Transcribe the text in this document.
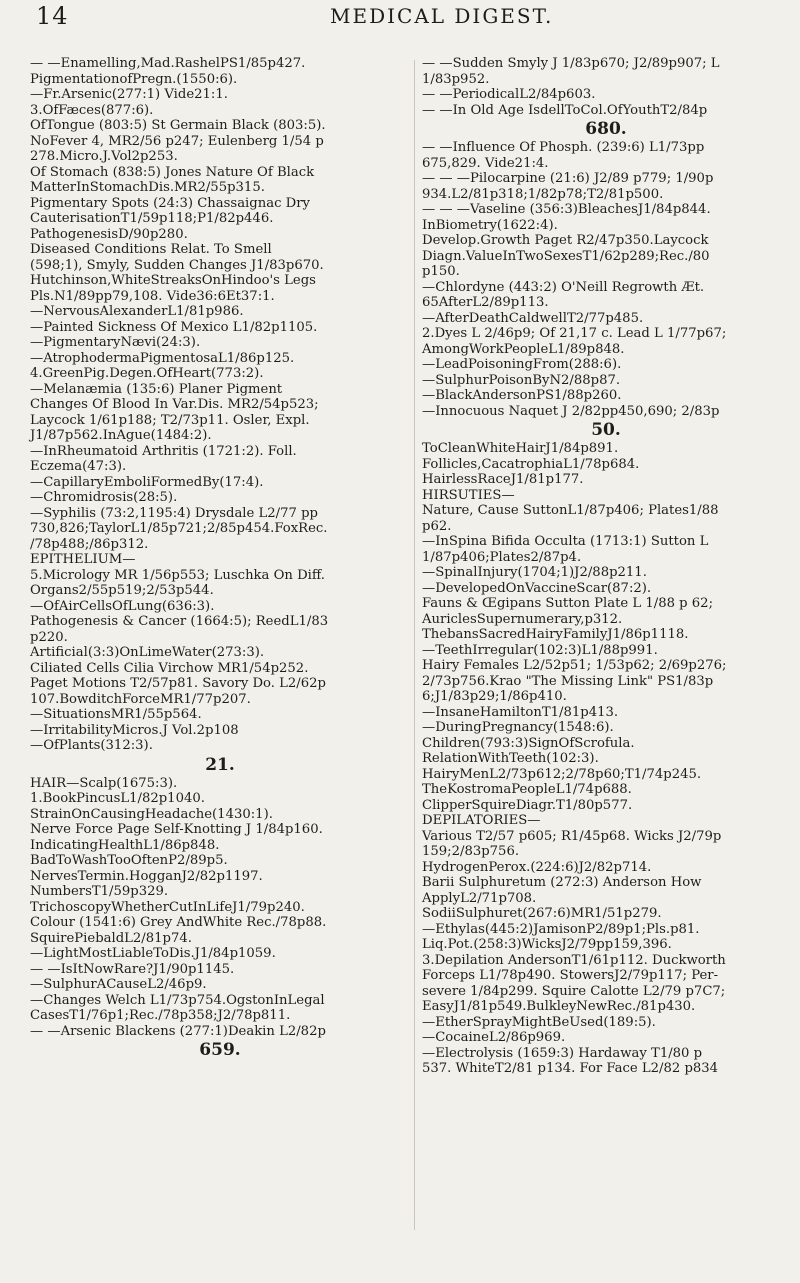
14	MEDICAL DIGEST.

— —Enamelling,Mad.RashelPS1/85p427.

PigmentationofPregn.(1550:6).

—Fr.Arsenic(277:1) Vide21:1.

3.OfFæces(877:6).

OfTongue (803:5) St Germain Black (803:5).

NoFever 4, MR2/56 p247; Eulenberg 1/54 p

278.Micro.J.Vol2p253.

Of Stomach (838:5) Jones Nature Of Black

MatterInStomachDis.MR2/55p315.

Pigmentary Spots (24:3) Chassaignac Dry

CauterisationT1/59p118;P1/82p446.

PathogenesisD/90p280.

Diseased Conditions Relat. To Smell

(598;1), Smyly, Sudden Changes J1/83p670.

Hutchinson,WhiteStreaksOnHindoo's Legs

Pls.N1/89pp79,108. Vide36:6Et37:1.

—NervousAlexanderL1/81p986.

—Painted Sickness Of Mexico L1/82p1105.

—PigmentaryNævi(24:3).

—AtrophodermaPigmentosaL1/86p125.

4.GreenPig.Degen.OfHeart(773:2).

—Melanæmia (135:6) Planer Pigment

Changes Of Blood In Var.Dis. MR2/54p523;

Laycock 1/61p188; T2/73p11. Osler, Expl.

J1/87p562.InAgue(1484:2).

—InRheumatoid Arthritis (1721:2). Foll.

Eczema(47:3).

—CapillaryEmboliFormedBy(17:4).

—Chromidrosis(28:5).

—Syphilis (73:2,1195:4) Drysdale L2/77 pp

730,826;TaylorL1/85p721;2/85p454.FoxRec.

/78p488;/86p312.

EPITHELIUM—

5.Micrology MR 1/56p553; Luschka On Diff.

Organs2/55p519;2/53p544.

—OfAirCellsOfLung(636:3).

Pathogenesis & Cancer (1664:5); ReedL1/83

p220.

Artificial(3:3)OnLimeWater(273:3).

Ciliated Cells Cilia Virchow MR1/54p252.

Paget Motions T2/57p81. Savory Do. L2/62p

107.BowditchForceMR1/77p207.

—SituationsMR1/55p564.

—IrritabilityMicros.J Vol.2p108

—OfPlants(312:3).

21.

HAIR—Scalp(1675:3).

1.BookPincusL1/82p1040.

StrainOnCausingHeadache(1430:1).

Nerve Force Page Self-Knotting J 1/84p160.

IndicatingHealthL1/86p848.

BadToWashTooOftenP2/89p5.

NervesTermin.HogganJ2/82p1197.

NumbersT1/59p329.

TrichoscopyWhetherCutInLifeJ1/79p240.

Colour (1541:6) Grey AndWhite Rec./78p88.

SquirePiebaldL2/81p74.

—LightMostLiableToDis.J1/84p1059.

— —IsItNowRare?J1/90p1145.

—SulphurACauseL2/46p9.

—Changes Welch L1/73p754.OgstonInLegal

CasesT1/76p1;Rec./78p358;J2/78p811.

— —Arsenic Blackens (277:1)Deakin L2/82p

659.

— —Sudden Smyly J 1/83p670; J2/89p907; L

1/83p952.

— —PeriodicalL2/84p603.

— —In Old Age IsdellToCol.OfYouthT2/84p

680.

— —Influence Of Phosph. (239:6) L1/73pp

675,829. Vide21:4.

— — —Pilocarpine (21:6) J2/89 p779; 1/90p

934.L2/81p318;1/82p78;T2/81p500.

— — —Vaseline (356:3)BleachesJ1/84p844.

InBiometry(1622:4).

Develop.Growth Paget R2/47p350.Laycock

Diagn.ValueInTwoSexesT1/62p289;Rec./80

p150.

—Chlordyne (443:2) O'Neill Regrowth Æt.

65AfterL2/89p113.

—AfterDeathCaldwellT2/77p485.

2.Dyes L 2/46p9; Of 21,17 c. Lead L 1/77p67;

AmongWorkPeopleL1/89p848.

—LeadPoisoningFrom(288:6).

—SulphurPoisonByN2/88p87.

—BlackAndersonPS1/88p260.

—Innocuous Naquet J 2/82pp450,690; 2/83p

50.

ToCleanWhiteHairJ1/84p891.

Follicles,CacatrophiaL1/78p684.

HairlessRaceJ1/81p177.

HIRSUTIES—

Nature, Cause SuttonL1/87p406; Plates1/88

p62.

—InSpina Bifida Occulta (1713:1) Sutton L

1/87p406;Plates2/87p4.

—SpinalInjury(1704;1)J2/88p211.

—DevelopedOnVaccineScar(87:2).

Fauns & Œgipans Sutton Plate L 1/88 p 62;

AuriclesSupernumerary,p312.

ThebansSacredHairyFamilyJ1/86p1118.

—TeethIrregular(102:3)L1/88p991.

Hairy Females L2/52p51; 1/53p62; 2/69p276;

2/73p756.Krao "The Missing Link" PS1/83p

6;J1/83p29;1/86p410.

—InsaneHamiltonT1/81p413.

—DuringPregnancy(1548:6).

Children(793:3)SignOfScrofula.

RelationWithTeeth(102:3).

HairyMenL2/73p612;2/78p60;T1/74p245.

TheKostromaPeopleL1/74p688.

ClipperSquireDiagr.T1/80p577.

DEPILATORIES—

Various T2/57 p605; R1/45p68. Wicks J2/79p

159;2/83p756.

HydrogenPerox.(224:6)J2/82p714.

Barii Sulphuretum (272:3) Anderson How

ApplyL2/71p708.

SodiiSulphuret(267:6)MR1/51p279.

—Ethylas(445:2)JamisonP2/89p1;Pls.p81.

Liq.Pot.(258:3)WicksJ2/79pp159,396.

3.Depilation AndersonT1/61p112. Duckworth

Forceps L1/78p490. StowersJ2/79p117; Per-

severe 1/84p299. Squire Calotte L2/79 p7C7;

EasyJ1/81p549.BulkleyNewRec./81p430.

—EtherSprayMightBeUsed(189:5).

—CocaineL2/86p969.

—Electrolysis (1659:3) Hardaway T1/80 p

537. WhiteT2/81 p134. For Face L2/82 p834
